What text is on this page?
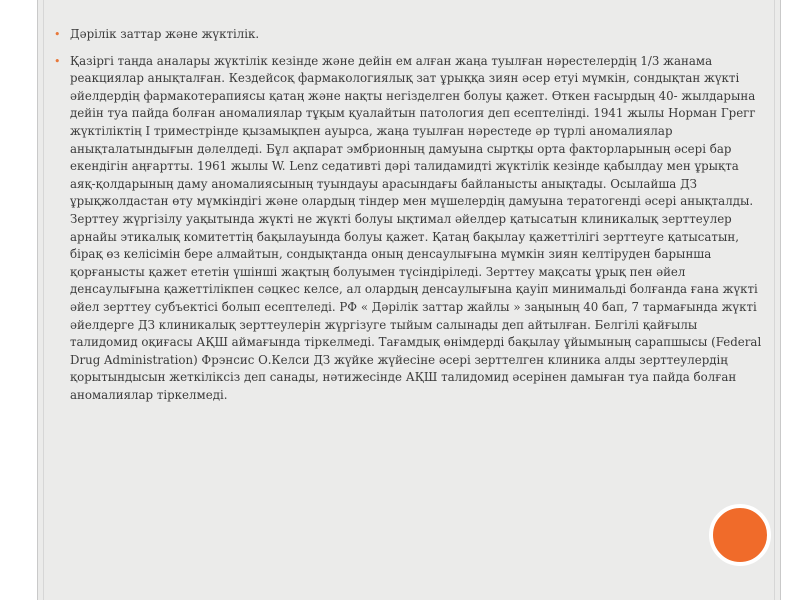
• Дәрілік заттар және жүктілік.
• Қазіргі таңда аналары жүктілік кезінде және дейін ем алған жаңа туылған нәрестелердің 1/3 жанама реакциялар анықталған. Кездейсоқ фармакологиялық зат ұрыққа зиян әсер етуі мүмкін, сондықтан жүкті әйелдердің фармакотерапиясы қатаң және нақты негізделген болуы қажет. Өткен ғасырдың 40- жылдарына дейін туа пайда болған аномалиялар тұқым қуалайтын патология деп есептелінді. 1941 жылы Норман Грегг жүктіліктің I триместрінде қызамықпен ауырса, жаңа туылған нәрестеде әр түрлі аномалиялар анықталатындығын дәлелдеді. Бұл ақпарат эмбрионның дамуына сыртқы орта факторларының әсері бар екендігін аңғартты. 1961 жылы W. Lenz седативті дәрі талидамидті жүктілік кезінде қабылдау мен ұрықта аяқ-қолдарының даму аномалиясының туындауы арасындағы байланысты анықтады. Осылайша ДЗ ұрықжолдастан өту мүмкіндігі және олардың тіндер мен мүшелердің дамуына тератогенді әсері анықталды. Зерттеу жүргізілу уақытында жүкті не жүкті болуы ықтимал әйелдер қатысатын клиникалық зерттеулер арнайы этикалық комитеттің бақылауында болуы қажет. Қатаң бақылау қажеттілігі зерттеуге қатысатын, бірақ өз келісімін бере алмайтын, сондықтанда оның денсаулығына мүмкін зиян келтіруден барынша қорғанысты қажет ететін үшінші жақтың болуымен түсіндіріледі. Зерттеу мақсаты ұрық пен әйел денсаулығына қажеттілікпен сәцкес келсе, ал олардың денсаулығына қауіп минимальді болғанда ғана жүкті әйел зерттеу субъектісі болып есептеледі. РФ « Дәрілік заттар жайлы » заңының 40 бап, 7 тармағында жүкті әйелдерге ДЗ клиникалық зерттеулерін жүргізуге тыйым салынады деп айтылған. Белгілі қайғылы талидомид оқиғасы АҚШ аймағында тіркелмеді. Тағамдық өнімдерді бақылау ұйымының сарапшысы (Federal Drug Administration) Фрэнсис О.Келси ДЗ жүйке жүйесіне әсері зерттелген клиника алды зерттеулердің қорытындысын жеткіліксіз деп санады, нәтижесінде АҚШ талидомид әсерінен дамыған туа пайда болған аномалиялар тіркелмеді.
